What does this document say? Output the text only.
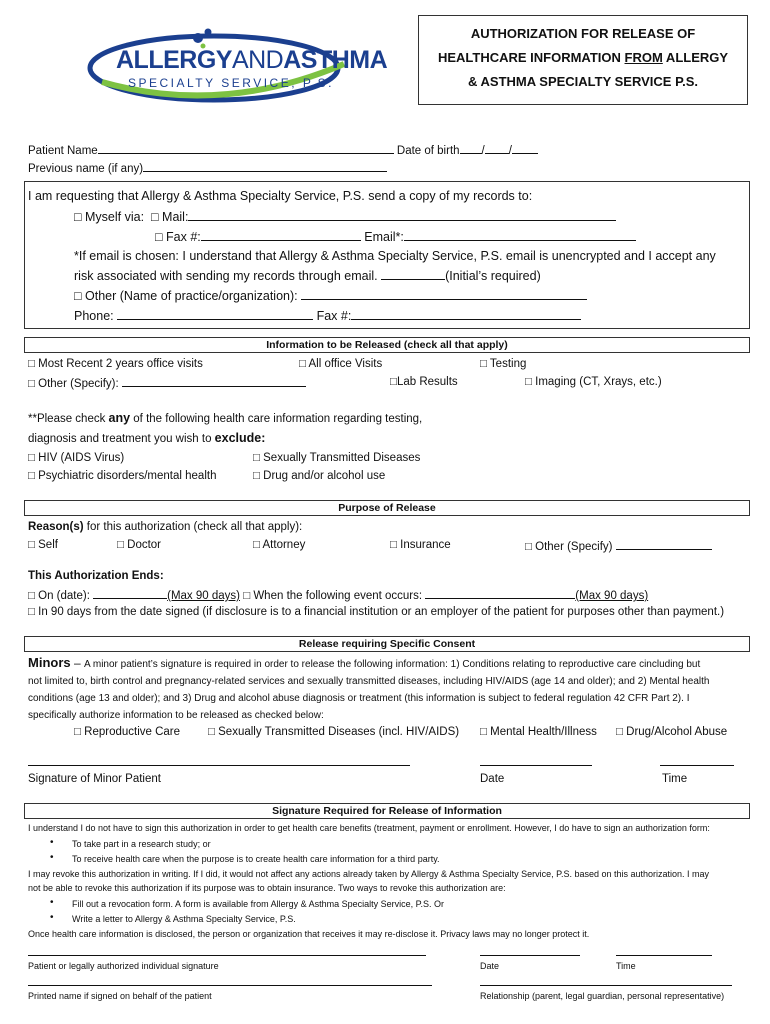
ALLERGYANDASTHMA
SPECIALTY SERVICE, P.S.
AUTHORIZATION FOR RELEASE OF
HEALTHCARE INFORMATION FROM ALLERGY
& ASTHMA SPECIALTY SERVICE P.S.
Patient Name	Date of birth / /
Previous name (if any)
I am requesting that Allergy & Asthma Specialty Service, P.S. send a copy of my records to:
□ Myself via: □ Mail:
□ Fax #:	Email*:
*If email is chosen: I understand that Allergy & Asthma Specialty Service, P.S. email is unencrypted and I accept any
risk associated with sending my records through email.	(Initial’s required)
□ Other (Name of practice/organization):
Phone:	Fax #:
Information to be Released (check all that apply)
□ Most Recent 2 years office visits	□ All office Visits	□ Testing
□ Other (Specify):	□Lab Results	□ Imaging (CT, Xrays, etc.)
**Please check any of the following health care information regarding testing,
diagnosis and treatment you wish to exclude:
□ HIV (AIDS Virus)	□ Sexually Transmitted Diseases
□ Psychiatric disorders/mental health	□ Drug and/or alcohol use
Purpose of Release
Reason(s) for this authorization (check all that apply):
□ Self	□ Doctor	□ Attorney	□ Insurance	□ Other (Specify)
This Authorization Ends:
□ On (date):	(Max 90 days) □ When the following event occurs:	(Max 90 days)
□ In 90 days from the date signed (if disclosure is to a financial institution or an employer of the patient for purposes other than payment.)
Release requiring Specific Consent
Minors – A minor patient’s signature is required in order to release the following information: 1) Conditions relating to reproductive care cincluding but
not limited to, birth control and pregnancy-related services and sexually transmitted diseases, including HIV/AIDS (age 14 and older); and 2) Mental health
conditions (age 13 and older); and 3) Drug and alcohol abuse diagnosis or treatment (this information is subject to federal regulation 42 CFR Part 2). I
specifically authorize information to be released as checked below:
□ Reproductive Care □ Sexually Transmitted Diseases (incl. HIV/AIDS) □ Mental Health/Illness □ Drug/Alcohol Abuse
Signature of Minor Patient	Date	Time
Signature Required for Release of Information
I understand I do not have to sign this authorization in order to get health care benefits (treatment, payment or enrollment. However, I do have to sign an authorization form:
• To take part in a research study; or
• To receive health care when the purpose is to create health care information for a third party.
I may revoke this authorization in writing. If I did, it would not affect any actions already taken by Allergy & Asthma Specialty Service, P.S. based on this authorization. I may
not be able to revoke this authorization if its purpose was to obtain insurance. Two ways to revoke this authorization are:
• Fill out a revocation form. A form is available from Allergy & Asthma Specialty Service, P.S. Or
• Write a letter to Allergy & Asthma Specialty Service, P.S.
Once health care information is disclosed, the person or organization that receives it may re-disclose it. Privacy laws may no longer protect it.
Patient or legally authorized individual signature	Date	Time
Printed name if signed on behalf of the patient	Relationship (parent, legal guardian, personal representative)
